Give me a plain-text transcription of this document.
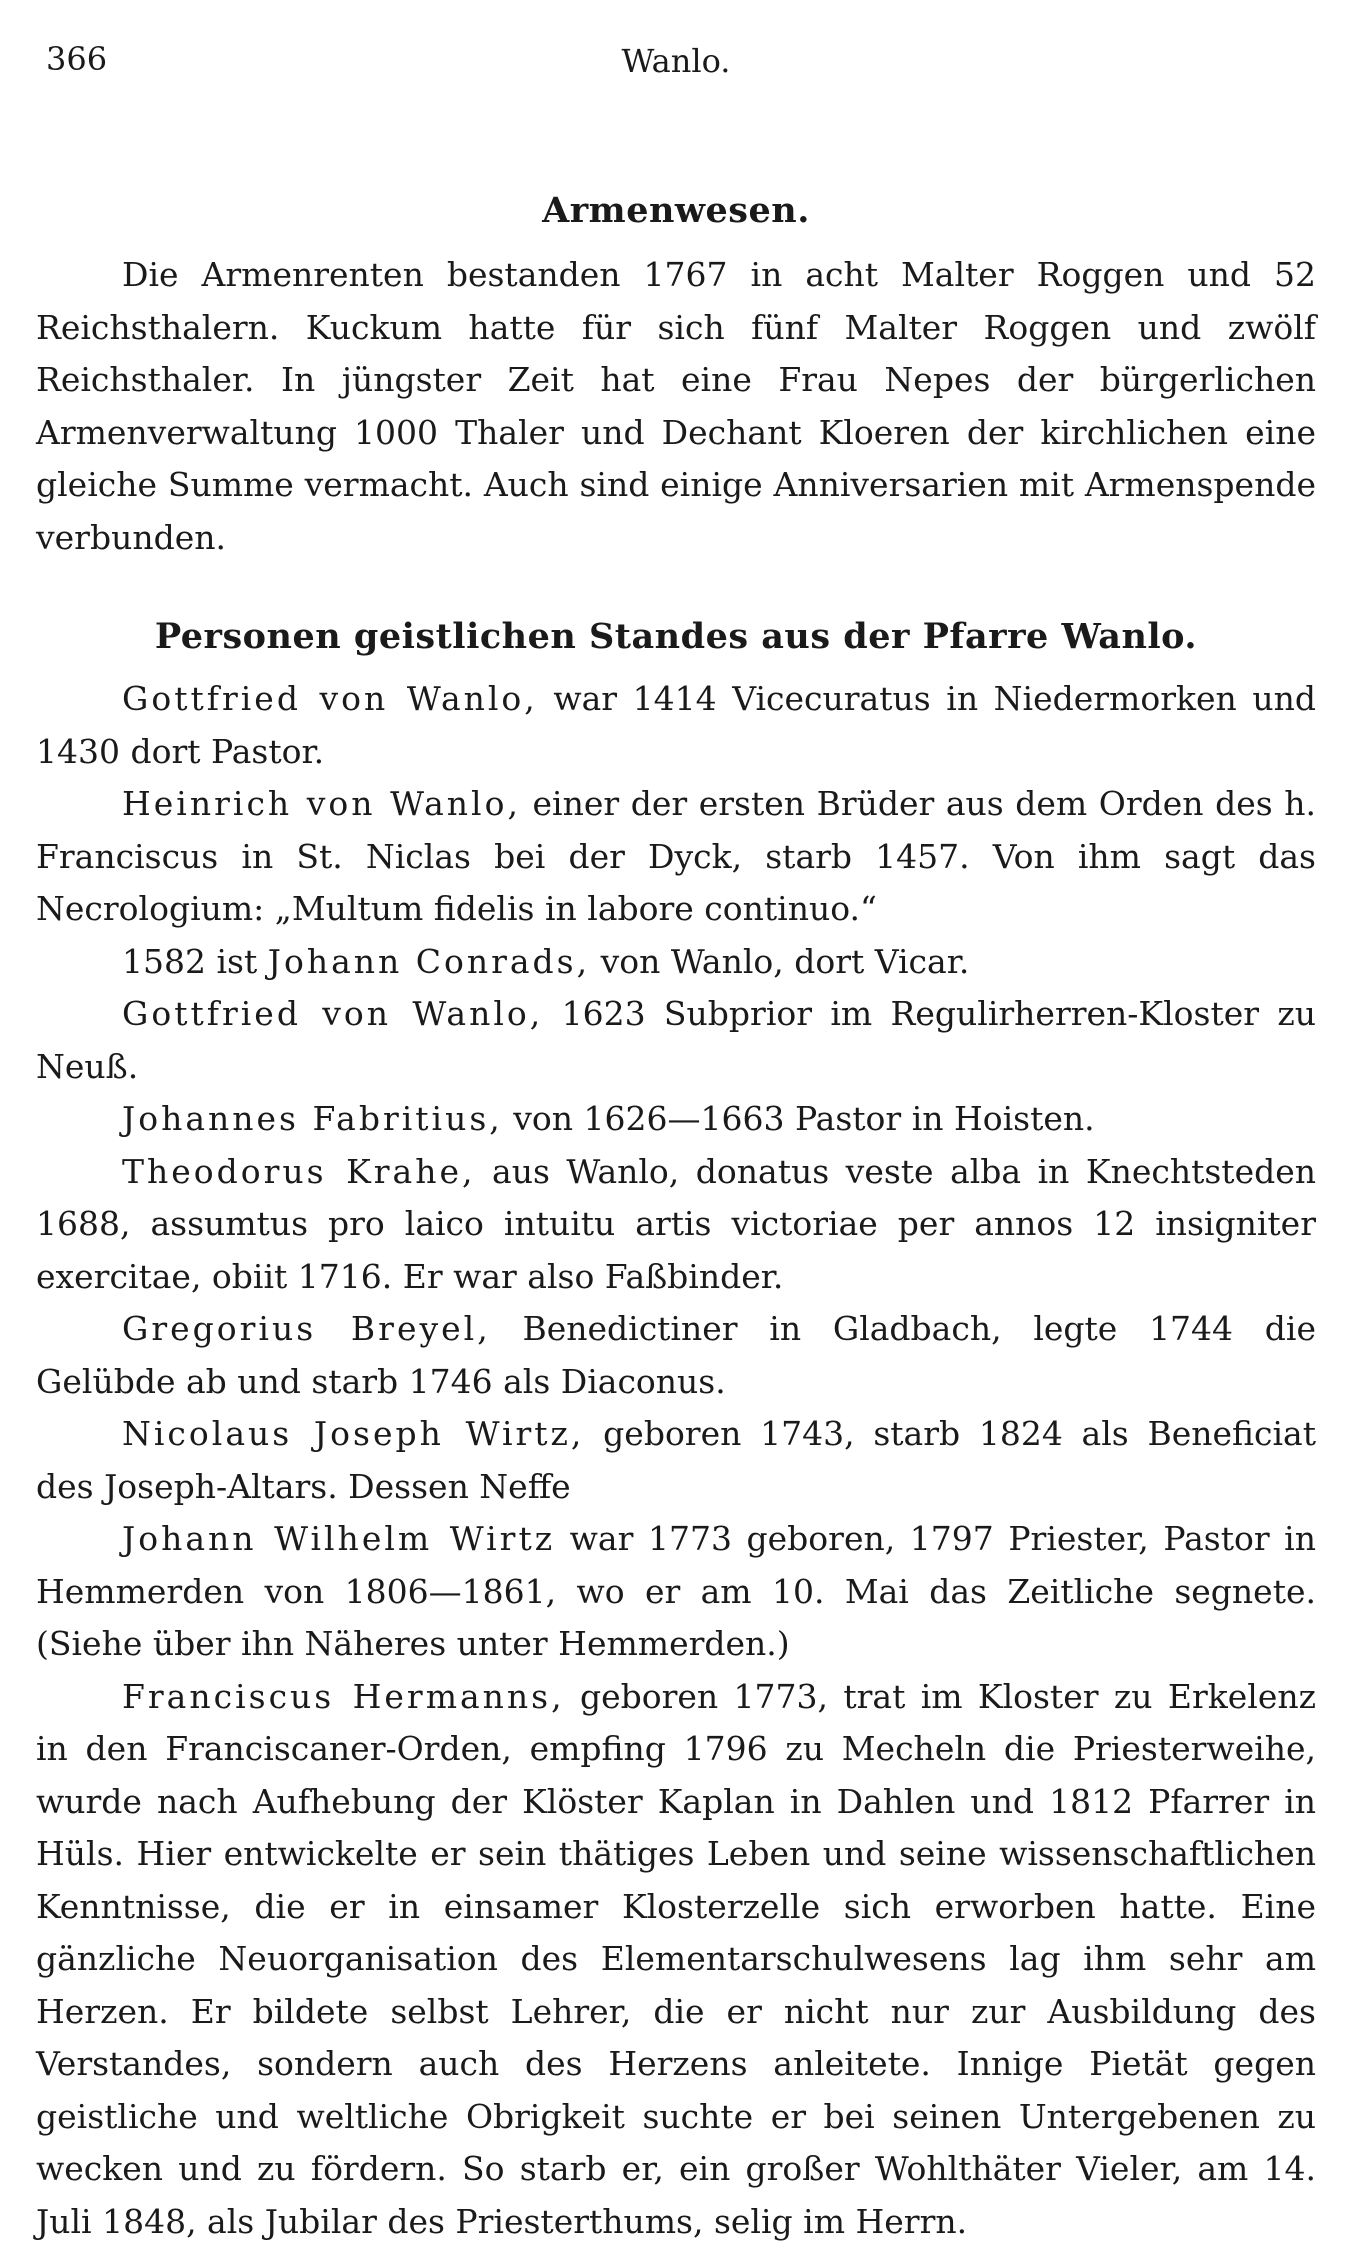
366	Wanlo.
Armenwesen.

Die Armenrenten bestanden 1767 in acht Malter Roggen und 52 Reichsthalern. Kuckum hatte für sich fünf Malter Roggen und zwölf Reichsthaler. In jüngster Zeit hat eine Frau Nepes der bürgerlichen Armenverwaltung 1000 Thaler und Dechant Kloeren der kirchlichen eine gleiche Summe vermacht. Auch sind einige Anniversarien mit Armenspende verbunden.

Personen geistlichen Standes aus der Pfarre Wanlo.

Gottfried von Wanlo, war 1414 Vicecuratus in Niedermorken und 1430 dort Pastor.

Heinrich von Wanlo, einer der ersten Brüder aus dem Orden des h. Franciscus in St. Niclas bei der Dyck, starb 1457. Von ihm sagt das Necrologium: „Multum fidelis in labore continuo.“

1582 ist Johann Conrads, von Wanlo, dort Vicar.

Gottfried von Wanlo, 1623 Subprior im Regulirherren-Kloster zu Neuß.

Johannes Fabritius, von 1626—1663 Pastor in Hoisten.

Theodorus Krahe, aus Wanlo, donatus veste alba in Knechtsteden 1688, assumtus pro laico intuitu artis victoriae per annos 12 insigniter exercitae, obiit 1716. Er war also Faßbinder.

Gregorius Breyel, Benedictiner in Gladbach, legte 1744 die Gelübde ab und starb 1746 als Diaconus.

Nicolaus Joseph Wirtz, geboren 1743, starb 1824 als Beneficiat des Joseph-Altars. Dessen Neffe

Johann Wilhelm Wirtz war 1773 geboren, 1797 Priester, Pastor in Hemmerden von 1806—1861, wo er am 10. Mai das Zeitliche segnete. (Siehe über ihn Näheres unter Hemmerden.)

Franciscus Hermanns, geboren 1773, trat im Kloster zu Erkelenz in den Franciscaner-Orden, empfing 1796 zu Mecheln die Priesterweihe, wurde nach Aufhebung der Klöster Kaplan in Dahlen und 1812 Pfarrer in Hüls. Hier entwickelte er sein thätiges Leben und seine wissenschaftlichen Kenntnisse, die er in einsamer Klosterzelle sich erworben hatte. Eine gänzliche Neuorganisation des Elementarschulwesens lag ihm sehr am Herzen. Er bildete selbst Lehrer, die er nicht nur zur Ausbildung des Verstandes, sondern auch des Herzens anleitete. Innige Pietät gegen geistliche und weltliche Obrigkeit suchte er bei seinen Untergebenen zu wecken und zu fördern. So starb er, ein großer Wohlthäter Vieler, am 14. Juli 1848, als Jubilar des Priesterthums, selig im Herrn.
